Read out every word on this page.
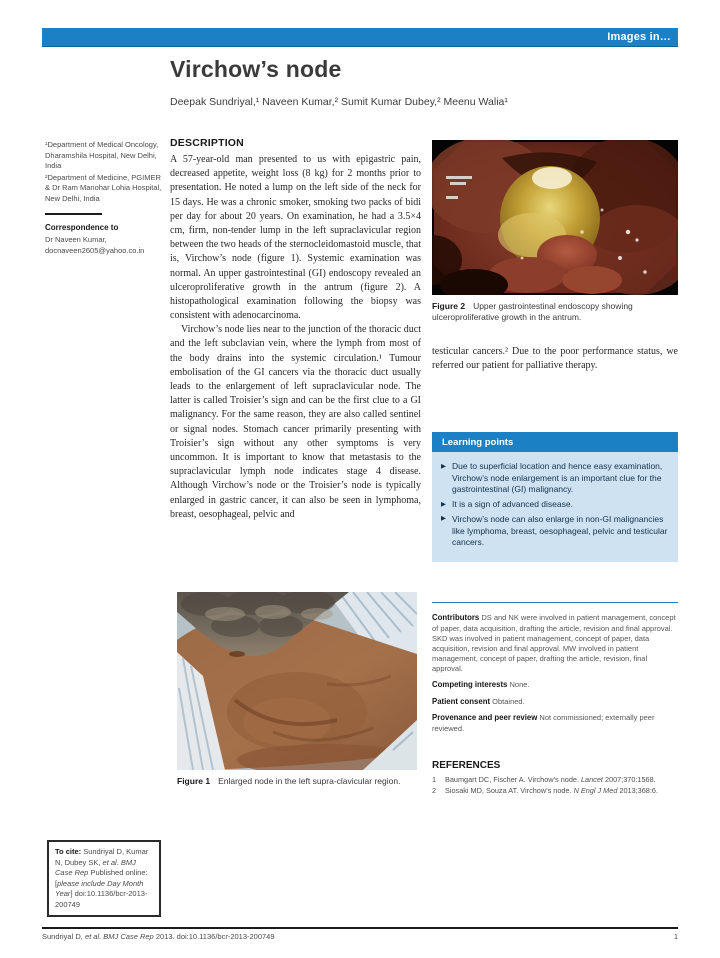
Images in…
Virchow’s node
Deepak Sundriyal,¹ Naveen Kumar,² Sumit Kumar Dubey,² Meenu Walia¹
¹Department of Medical Oncology, Dharamshila Hospital, New Delhi, India
²Department of Medicine, PGIMER & Dr Ram Manohar Lohia Hospital, New Delhi, India
Correspondence to
Dr Naveen Kumar,
docnaveen2605@yahoo.co.in
DESCRIPTION
A 57-year-old man presented to us with epigastric pain, decreased appetite, weight loss (8 kg) for 2 months prior to presentation. He noted a lump on the left side of the neck for 15 days. He was a chronic smoker, smoking two packs of bidi per day for about 20 years. On examination, he had a 3.5×4 cm, firm, non-tender lump in the left supraclavicular region between the two heads of the sternocleidomastoid muscle, that is, Virchow’s node (figure 1). Systemic examination was normal. An upper gastrointestinal (GI) endoscopy revealed an ulceroproliferative growth in the antrum (figure 2). A histopathological examination following the biopsy was consistent with adenocarcinoma.
Virchow’s node lies near to the junction of the thoracic duct and the left subclavian vein, where the lymph from most of the body drains into the systemic circulation.¹ Tumour embolisation of the GI cancers via the thoracic duct usually leads to the enlargement of left supraclavicular node. The latter is called Troisier’s sign and can be the first clue to a GI malignancy. For the same reason, they are also called sentinel or signal nodes. Stomach cancer primarily presenting with Troisier’s sign without any other symptoms is very uncommon. It is important to know that metastasis to the supraclavicular lymph node indicates stage 4 disease. Although Virchow’s node or the Troisier’s node is typically enlarged in gastric cancer, it can also be seen in lymphoma, breast, oesophageal, pelvic and
Figure 2 Upper gastrointestinal endoscopy showing ulceroproliferative growth in the antrum.
testicular cancers.² Due to the poor performance status, we referred our patient for palliative therapy.
Learning points
▶ Due to superficial location and hence easy examination, Virchow’s node enlargement is an important clue for the gastrointestinal (GI) malignancy.
▶ It is a sign of advanced disease.
▶ Virchow’s node can also enlarge in non-GI malignancies like lymphoma, breast, oesophageal, pelvic and testicular cancers.
Contributors DS and NK were involved in patient management, concept of paper, data acquisition, drafting the article, revision and final approval. SKD was involved in patient management, concept of paper, data acquisition, revision and final approval. MW involved in patient management, concept of paper, drafting the article, revision, final approval.
Competing interests None.
Patient consent Obtained.
Provenance and peer review Not commissioned; externally peer reviewed.
REFERENCES
1	Baumgart DC, Fischer A. Virchow’s node. Lancet 2007;370:1568.
2	Siosaki MD, Souza AT. Virchow’s node. N Engl J Med 2013;368:6.
Figure 1 Enlarged node in the left supra-clavicular region.
To cite: Sundriyal D, Kumar N, Dubey SK, et al. BMJ Case Rep Published online: [please include Day Month Year] doi:10.1136/bcr-2013-200749
Sundriyal D, et al. BMJ Case Rep 2013. doi:10.1136/bcr-2013-200749	1
